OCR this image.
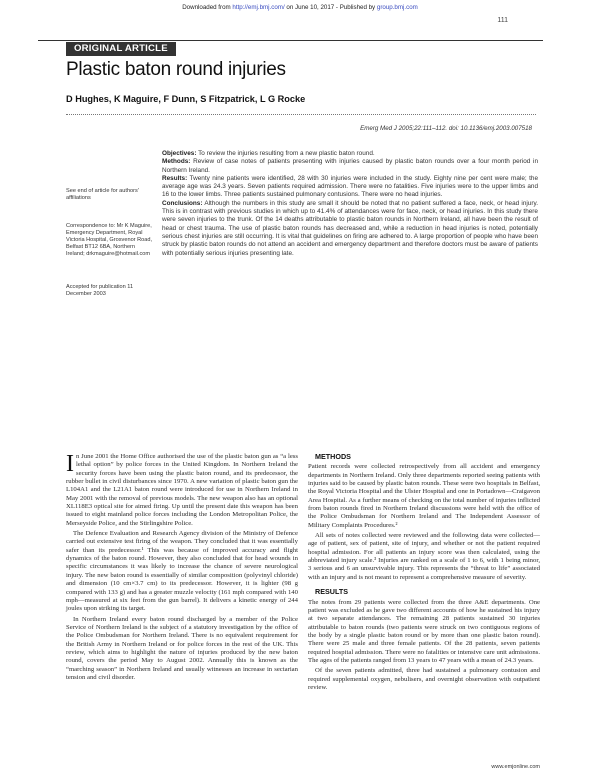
Downloaded from http://emj.bmj.com/ on June 10, 2017 - Published by group.bmj.com
111
ORIGINAL ARTICLE
Plastic baton round injuries
D Hughes, K Maguire, F Dunn, S Fitzpatrick, L G Rocke
Emerg Med J 2005;22:111–112. doi: 10.1136/emj.2003.007518

See end of article for authors' affiliations

Correspondence to: Mr K Maguire, Emergency Department, Royal Victoria Hospital, Grosvenor Road, Belfast BT12 6BA, Northern Ireland; drkmaguire@hotmail.com

Accepted for publication 11 December 2003

Objectives: To review the injuries resulting from a new plastic baton round.

Methods: Review of case notes of patients presenting with injuries caused by plastic baton rounds over a four month period in Northern Ireland.

Results: Twenty nine patients were identified, 28 with 30 injuries were included in the study. Eighty nine per cent were male; the average age was 24.3 years. Seven patients required admission. There were no fatalities. Five injuries were to the upper limbs and 16 to the lower limbs. Three patients sustained pulmonary contusions. There were no head injuries.

Conclusions: Although the numbers in this study are small it should be noted that no patient suffered a face, neck, or head injury. This is in contrast with previous studies in which up to 41.4% of attendances were for face, neck, or head injuries. In this study there were seven injuries to the trunk. Of the 14 deaths attributable to plastic baton rounds in Northern Ireland, all have been the result of head or chest trauma. The use of plastic baton rounds has decreased and, while a reduction in head injuries is noted, potentially serious chest injuries are still occurring. It is vital that guidelines on firing are adhered to. A large proportion of people who have been struck by plastic baton rounds do not attend an accident and emergency department and therefore doctors must be aware of patients with potentially serious injuries presenting late.

In June 2001 the Home Office authorised the use of the plastic baton gun as “a less lethal option” by police forces in the United Kingdom. In Northern Ireland the security forces have been using the plastic baton round, and its predecessor, the rubber bullet in civil disturbances since 1970. A new variation of plastic baton gun the L104A1 and the L21A1 baton round were introduced for use in Northern Ireland in May 2001 with the removal of previous models. The new weapon also has an optional XL118E3 optical site for aimed firing. Up until the present date this weapon has been issued to eight mainland police forces including the London Metropolitan Police, the Merseyside Police, and the Stirlingshire Police.

The Defence Evaluation and Research Agency division of the Ministry of Defence carried out extensive test firing of the weapon. They concluded that it was essentially safer than its predecessor.¹ This was because of improved accuracy and flight dynamics of the baton round. However, they also concluded that for head wounds in specific circumstances it was likely to increase the chance of severe neurological injury. The new baton round is essentially of similar composition (polyvinyl chloride) and dimension (10 cm×3.7 cm) to its predecessor. However, it is lighter (98 g compared with 133 g) and has a greater muzzle velocity (161 mph compared with 140 mph—measured at six feet from the gun barrel). It delivers a kinetic energy of 244 joules upon striking its target.

In Northern Ireland every baton round discharged by a member of the Police Service of Northern Ireland is the subject of a statutory investigation by the office of the Police Ombudsman for Northern Ireland. There is no equivalent requirement for the British Army in Northern Ireland or for police forces in the rest of the UK. This review, which aims to highlight the nature of injuries produced by the new baton round, covers the period May to August 2002. Annually this is known as the “marching season” in Northern Ireland and usually witnesses an increase in sectarian tension and civil disorder.

METHODS

Patient records were collected retrospectively from all accident and emergency departments in Northern Ireland. Only three departments reported seeing patients with injuries said to be caused by plastic baton rounds. These were two hospitals in Belfast, the Royal Victoria Hospital and the Ulster Hospital and one in Portadown—Craigavon Area Hospital. As a further means of checking on the total number of injuries inflicted from baton rounds fired in Northern Ireland discussions were held with the office of the Police Ombudsman for Northern Ireland and The Independent Assessor of Military Complaints Procedures.²

All sets of notes collected were reviewed and the following data were collected—age of patient, sex of patient, site of injury, and whether or not the patient required hospital admission. For all patients an injury score was then calculated, using the abbreviated injury scale.³ Injuries are ranked on a scale of 1 to 6, with 1 being minor, 3 serious and 6 an unsurvivable injury. This represents the “threat to life” associated with an injury and is not meant to represent a comprehensive measure of severity.

RESULTS

The notes from 29 patients were collected from the three A&E departments. One patient was excluded as he gave two different accounts of how he sustained his injury at two separate attendances. The remaining 28 patients sustained 30 injuries attributable to baton rounds (two patients were struck on two contiguous regions of the body by a single plastic baton round or by more than one plastic baton round). There were 25 male and three female patients. Of the 28 patients, seven patients required hospital admission. There were no fatalities or intensive care unit admissions. The ages of the patients ranged from 13 years to 47 years with a mean of 24.3 years.

Of the seven patients admitted, three had sustained a pulmonary contusion and required supplemental oxygen, nebulisers, and overnight observation with outpatient review.

www.emjonline.com
